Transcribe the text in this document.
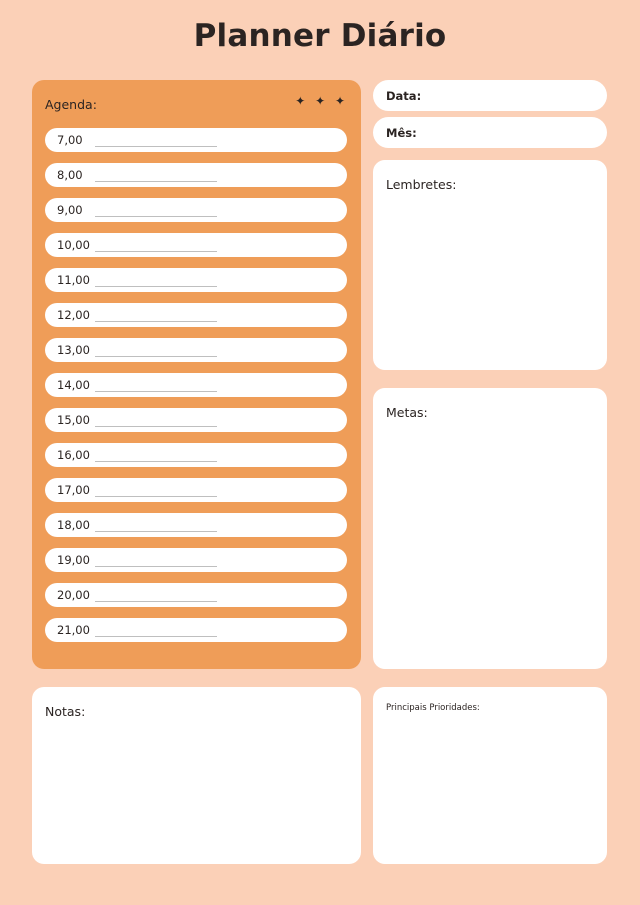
Planner Diário
Agenda:	✦ ✦ ✦
7,00
8,00
9,00
10,00
11,00
12,00
13,00
14,00
15,00
16,00
17,00
18,00
19,00
20,00
21,00
Data:
Mês:
Lembretes:
Metas:
Notas:	Principais Prioridades:
